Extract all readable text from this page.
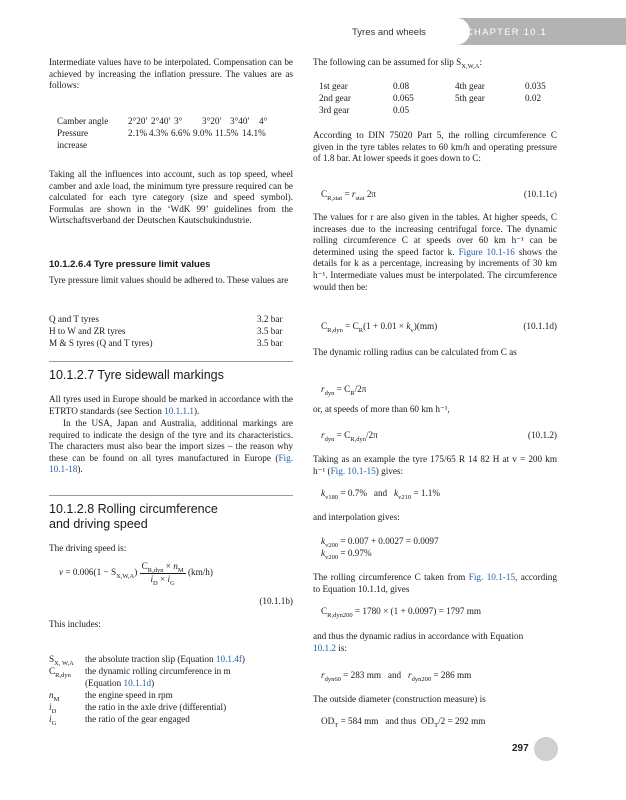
Tyres and wheels	CHAPTER 10.1

Intermediate values have to be interpolated. Compensation can be achieved by increasing the inflation pressure. The values are as follows:

Camber angle 2°20′ 2°40′ 3° 3°20′ 3°40′ 4°
Pressure	2.1% 4.3% 6.6% 9.0% 11.5% 14.1%
increase

Taking all the influences into account, such as top speed, wheel camber and axle load, the minimum tyre pressure required can be calculated for each tyre category (size and speed symbol). Formulas are shown in the ‘WdK 99’ guidelines from the Wirtschaftsverband der Deutschen Kautschukindustrie.

10.1.2.6.4 Tyre pressure limit values

Tyre pressure limit values should be adhered to. These values are

Q and T tyres	3.2 bar
H to W and ZR tyres	3.5 bar
M & S tyres (Q and T tyres)	3.5 bar
10.1.2.7 Tyre sidewall markings

All tyres used in Europe should be marked in accordance with the ETRTO standards (see Section 10.1.1.1).

In the USA, Japan and Australia, additional markings are required to indicate the design of the tyre and its characteristics. The characters must also bear the import sizes – the reason why these can be found on all tyres manufactured in Europe (Fig. 10.1-18).

10.1.2.8 Rolling circumference
and driving speed

The driving speed is:

$v = 0.006(1 - S_{X,W,A}) \frac{C_{R,dyn} \times n_M}{i_D \times i_G} (km/h)$
(10.1.1b)

This includes:

$S_{X, W,A}$	the absolute traction slip (Equation 10.1.4f)
$C_{R,dyn}$	the dynamic rolling circumference in m
(Equation 10.1.1d)
$n_M$	the engine speed in rpm
$i_D$	the ratio in the axle drive (differential)
$i_G$	the ratio of the gear engaged

The following can be assumed for slip $S_{X,W,A}$:

1st gear	0.08	4th gear	0.035
2nd gear	0.065	5th gear	0.02
3rd gear	0.05

According to DIN 75020 Part 5, the rolling circumference C given in the tyre tables relates to 60 km/h and operating pressure of 1.8 bar. At lower speeds it goes down to C:

$C_{R,stat} = r_{stat}$ 2π	(10.1.1c)

The values for r are also given in the tables. At higher speeds, C increases due to the increasing centrifugal force. The dynamic rolling circumference C at speeds over 60 km h⁻¹ can be determined using the speed factor k. Figure 10.1-16 shows the details for k as a percentage, increasing by increments of 30 km h⁻¹. Intermediate values must be interpolated. The circumference would then be:

$C_{R,dyn} = C_R(1 + 0.01 \times k_v)(mm)$	(10.1.1d)

The dynamic rolling radius can be calculated from C as

$r_{dyn} = C_R/2\pi$

or, at speeds of more than 60 km h⁻¹,

$r_{dyn} = C_{R,dyn}/2\pi$	(10.1.2)

Taking as an example the tyre 175/65 R 14 82 H at v = 200 km h⁻¹ (Fig. 10.1-15) gives:

$k_{v180} = 0.7\%$ and $k_{v210} = 1.1\%$

and interpolation gives:

$k_{v200} = 0.007 + 0.0027 = 0.0097$
$k_{v200} = 0.97\%$

The rolling circumference C taken from Fig. 10.1-15, according to Equation 10.1.1d, gives

$C_{R,dyn200} = 1780 \times (1 + 0.0097) = 1797$ mm

and thus the dynamic radius in accordance with Equation
10.1.2 is:

$r_{dyn60} = 283$ mm and $r_{dyn200} = 286$ mm

The outside diameter (construction measure) is

$OD_T = 584$ mm and thus  $OD_T/2 = 292$ mm
297
